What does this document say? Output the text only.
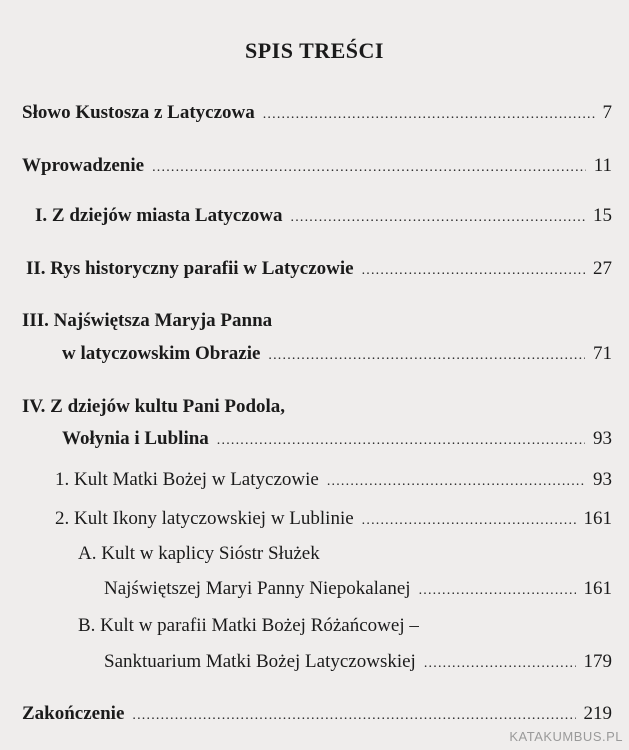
SPIS TREŚCI
Słowo Kustosza z Latyczowa .....	7
Wprowadzenie .....	11
I. Z dziejów miasta Latyczowa .....	15
II. Rys historyczny parafii w Latyczowie .....	27
III. Najświętsza Maryja Panna
w latyczowskim Obrazie .....	71
IV. Z dziejów kultu Pani Podola,
Wołynia i Lublina .....	93
1. Kult Matki Bożej w Latyczowie .....	93
2. Kult Ikony latyczowskiej w Lublinie .....	161
A. Kult w kaplicy Sióstr Służek
Najświętszej Maryi Panny Niepokalanej .....	161
B. Kult w parafii Matki Bożej Różańcowej –
Sanktuarium Matki Bożej Latyczowskiej .....	179
Zakończenie .....	219
KATAKUMBUS.PL
